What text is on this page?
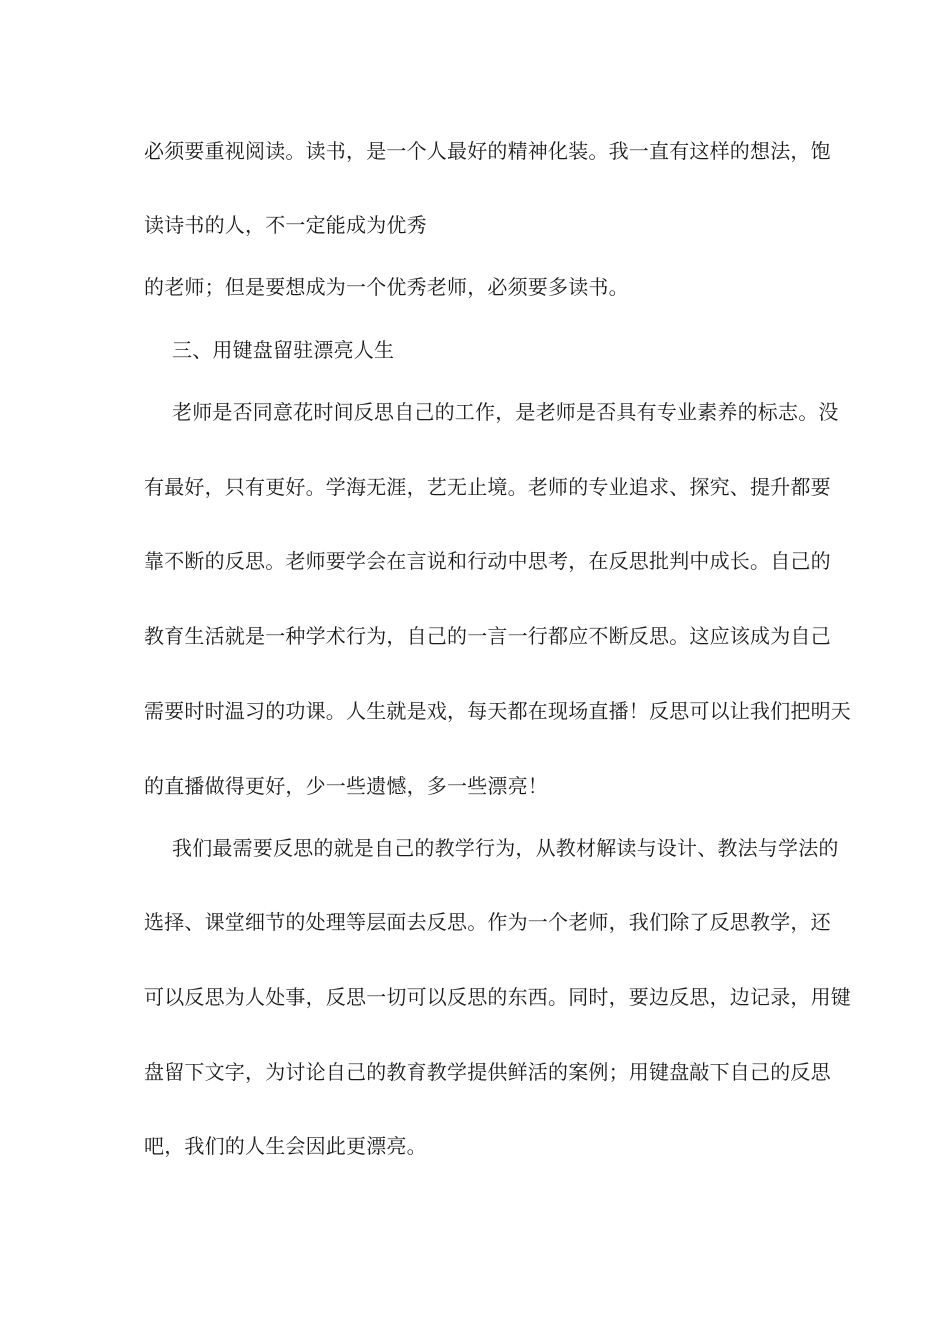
必须要重视阅读。读书，是一个人最好的精神化装。我一直有这样的想法，饱
读诗书的人，不一定能成为优秀
的老师；但是要想成为一个优秀老师，必须要多读书。
三、用键盘留驻漂亮人生
老师是否同意花时间反思自己的工作，是老师是否具有专业素养的标志。没
有最好，只有更好。学海无涯，艺无止境。老师的专业追求、探究、提升都要
靠不断的反思。老师要学会在言说和行动中思考，在反思批判中成长。自己的
教育生活就是一种学术行为，自己的一言一行都应不断反思。这应该成为自己
需要时时温习的功课。人生就是戏，每天都在现场直播！反思可以让我们把明天
的直播做得更好，少一些遗憾，多一些漂亮！
我们最需要反思的就是自己的教学行为，从教材解读与设计、教法与学法的
选择、课堂细节的处理等层面去反思。作为一个老师，我们除了反思教学，还
可以反思为人处事，反思一切可以反思的东西。同时，要边反思，边记录，用键
盘留下文字，为讨论自己的教育教学提供鲜活的案例；用键盘敲下自己的反思
吧，我们的人生会因此更漂亮。
